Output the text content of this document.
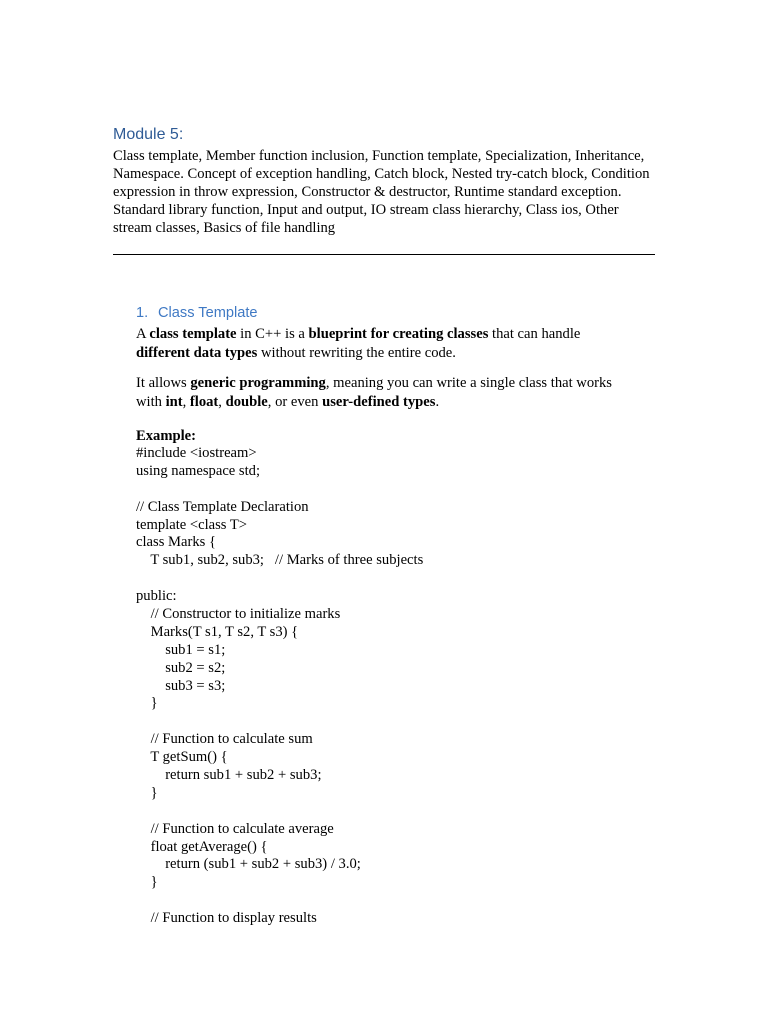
Module 5:
Class template, Member function inclusion, Function template, Specialization, Inheritance, Namespace. Concept of exception handling, Catch block, Nested try-catch block, Condition expression in throw expression, Constructor & destructor, Runtime standard exception. Standard library function, Input and output, IO stream class hierarchy, Class ios, Other stream classes, Basics of file handling
1. Class Template
A class template in C++ is a blueprint for creating classes that can handle
different data types without rewriting the entire code.
It allows generic programming, meaning you can write a single class that works with int, float, double, or even user-defined types.
Example:
#include <iostream>
using namespace std;
// Class Template Declaration
template <class T>
class Marks {
T sub1, sub2, sub3;   // Marks of three subjects
public:
// Constructor to initialize marks
Marks(T s1, T s2, T s3) {
sub1 = s1;
sub2 = s2;
sub3 = s3;
}
// Function to calculate sum
T getSum() {
return sub1 + sub2 + sub3;
}
// Function to calculate average
float getAverage() {
return (sub1 + sub2 + sub3) / 3.0;
}
// Function to display results
